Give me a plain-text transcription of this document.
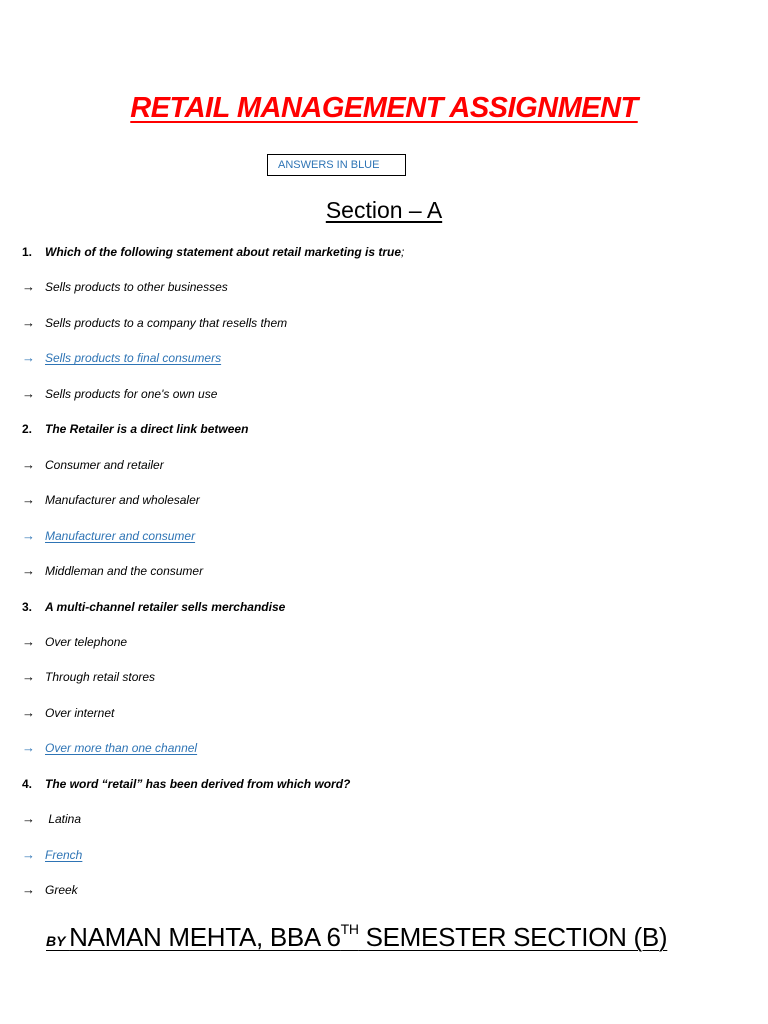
RETAIL MANAGEMENT ASSIGNMENT
ANSWERS IN BLUE
Section – A
1. Which of the following statement about retail marketing is true;
→ Sells products to other businesses
→ Sells products to a company that resells them
→ Sells products to final consumers
→ Sells products for one's own use
2. The Retailer is a direct link between
→ Consumer and retailer
→ Manufacturer and wholesaler
→ Manufacturer and consumer
→ Middleman and the consumer
3. A multi-channel retailer sells merchandise
→ Over telephone
→ Through retail stores
→ Over internet
→ Over more than one channel
4. The word “retail” has been derived from which word?
→ Latina
→ French
→ Greek
BY NAMAN MEHTA, BBA 6TH SEMESTER SECTION (B)
